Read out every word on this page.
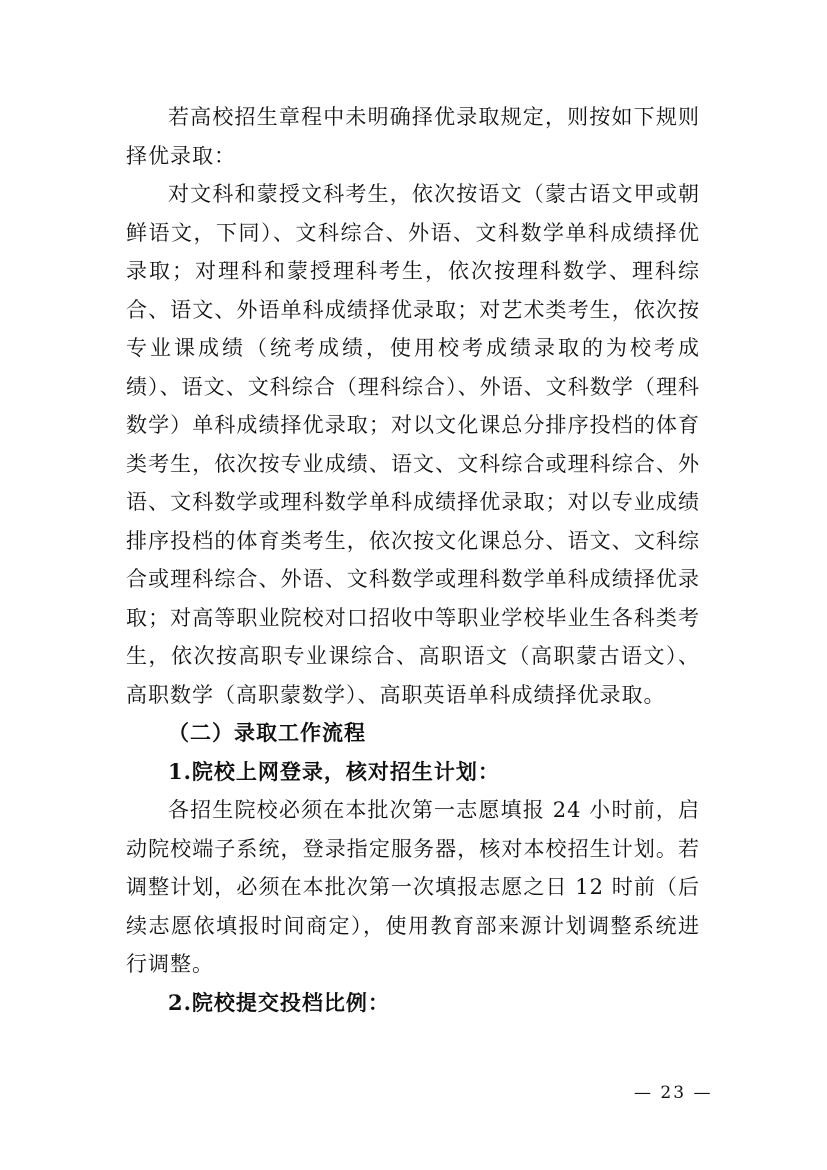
若高校招生章程中未明确择优录取规定，则按如下规则择优录取：

对文科和蒙授文科考生，依次按语文（蒙古语文甲或朝鲜语文，下同）、文科综合、外语、文科数学单科成绩择优录取；对理科和蒙授理科考生，依次按理科数学、理科综合、语文、外语单科成绩择优录取；对艺术类考生，依次按专业课成绩（统考成绩，使用校考成绩录取的为校考成绩）、语文、文科综合（理科综合）、外语、文科数学（理科数学）单科成绩择优录取；对以文化课总分排序投档的体育类考生，依次按专业成绩、语文、文科综合或理科综合、外语、文科数学或理科数学单科成绩择优录取；对以专业成绩排序投档的体育类考生，依次按文化课总分、语文、文科综合或理科综合、外语、文科数学或理科数学单科成绩择优录取；对高等职业院校对口招收中等职业学校毕业生各科类考生，依次按高职专业课综合、高职语文（高职蒙古语文）、高职数学（高职蒙数学）、高职英语单科成绩择优录取。

（二）录取工作流程

1.院校上网登录，核对招生计划：

各招生院校必须在本批次第一志愿填报 24 小时前，启动院校端子系统，登录指定服务器，核对本校招生计划。若调整计划，必须在本批次第一次填报志愿之日 12 时前（后续志愿依填报时间商定），使用教育部来源计划调整系统进行调整。

2.院校提交投档比例：

— 23 —
